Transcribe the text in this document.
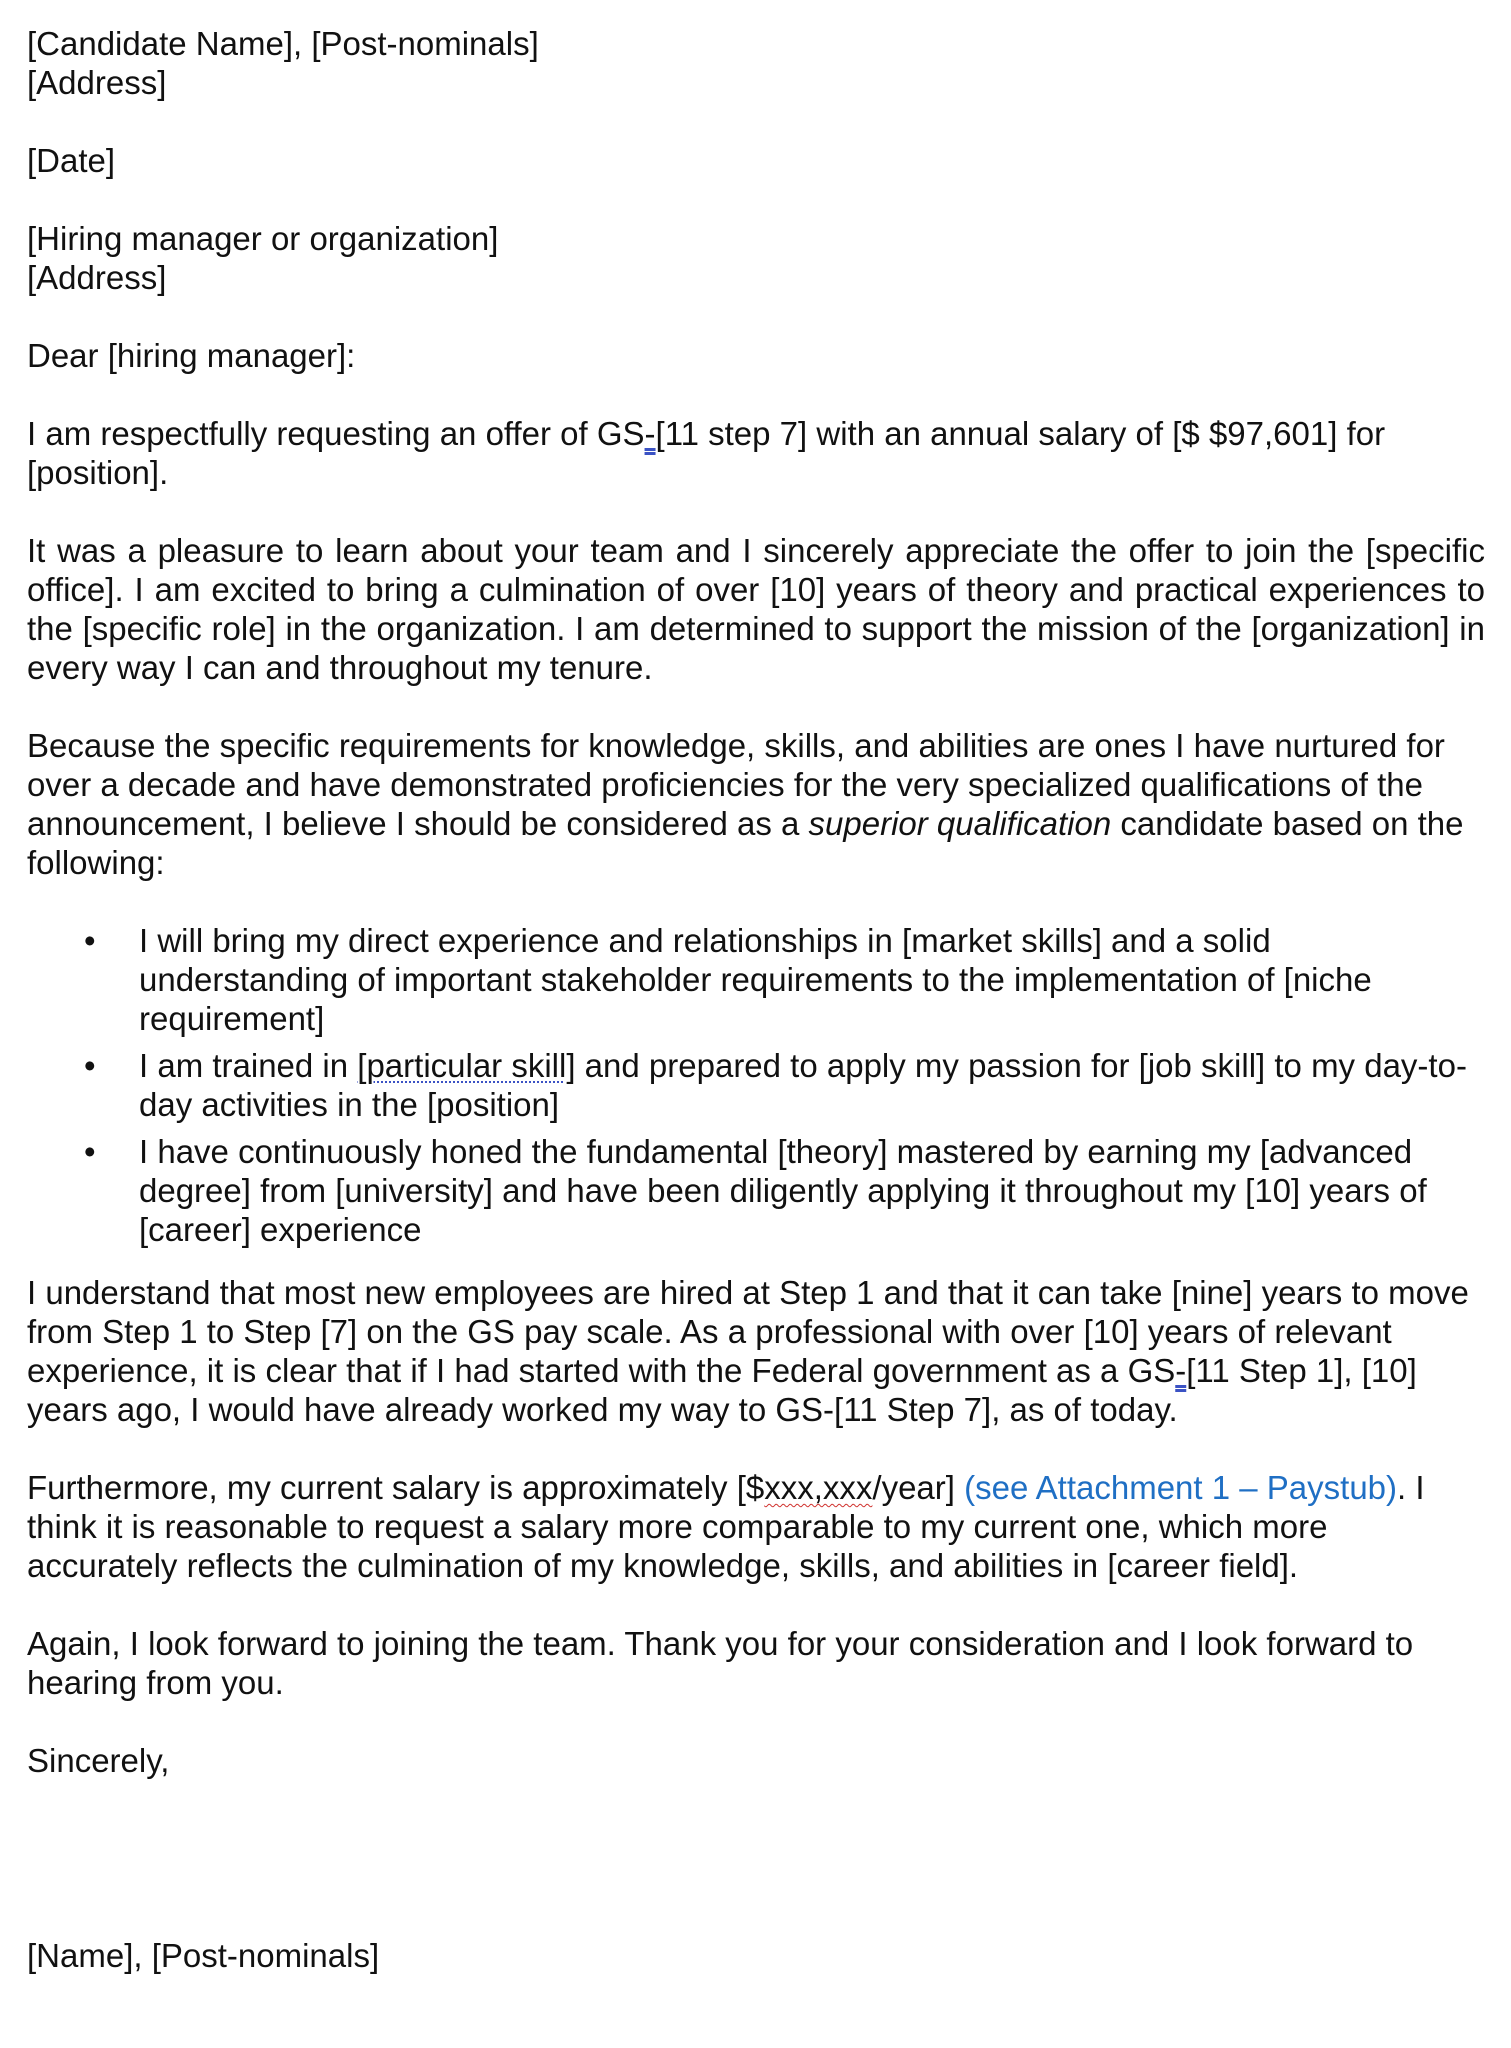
[Candidate Name], [Post-nominals]
[Address]
[Date]
[Hiring manager or organization]
[Address]
Dear [hiring manager]:

I am respectfully requesting an offer of GS-[11 step 7] with an annual salary of [$ $97,601] for [position].

It was a pleasure to learn about your team and I sincerely appreciate the offer to join the [specific office]. I am excited to bring a culmination of over [10] years of theory and practical experiences to the [specific role] in the organization. I am determined to support the mission of the [organization] in every way I can and throughout my tenure.

Because the specific requirements for knowledge, skills, and abilities are ones I have nurtured for over a decade and have demonstrated proficiencies for the very specialized qualifications of the announcement, I believe I should be considered as a superior qualification candidate based on the following:

• I will bring my direct experience and relationships in [market skills] and a solid understanding of important stakeholder requirements to the implementation of [niche requirement]
• I am trained in [particular skill] and prepared to apply my passion for [job skill] to my day-to-day activities in the [position]
• I have continuously honed the fundamental [theory] mastered by earning my [advanced degree] from [university] and have been diligently applying it throughout my [10] years of [career] experience

I understand that most new employees are hired at Step 1 and that it can take [nine] years to move from Step 1 to Step [7] on the GS pay scale. As a professional with over [10] years of relevant experience, it is clear that if I had started with the Federal government as a GS-[11 Step 1], [10] years ago, I would have already worked my way to GS-[11 Step 7], as of today.

Furthermore, my current salary is approximately [$xxx,xxx/year] (see Attachment 1 – Paystub). I think it is reasonable to request a salary more comparable to my current one, which more accurately reflects the culmination of my knowledge, skills, and abilities in [career field].

Again, I look forward to joining the team. Thank you for your consideration and I look forward to hearing from you.

Sincerely,
[Name], [Post-nominals]
